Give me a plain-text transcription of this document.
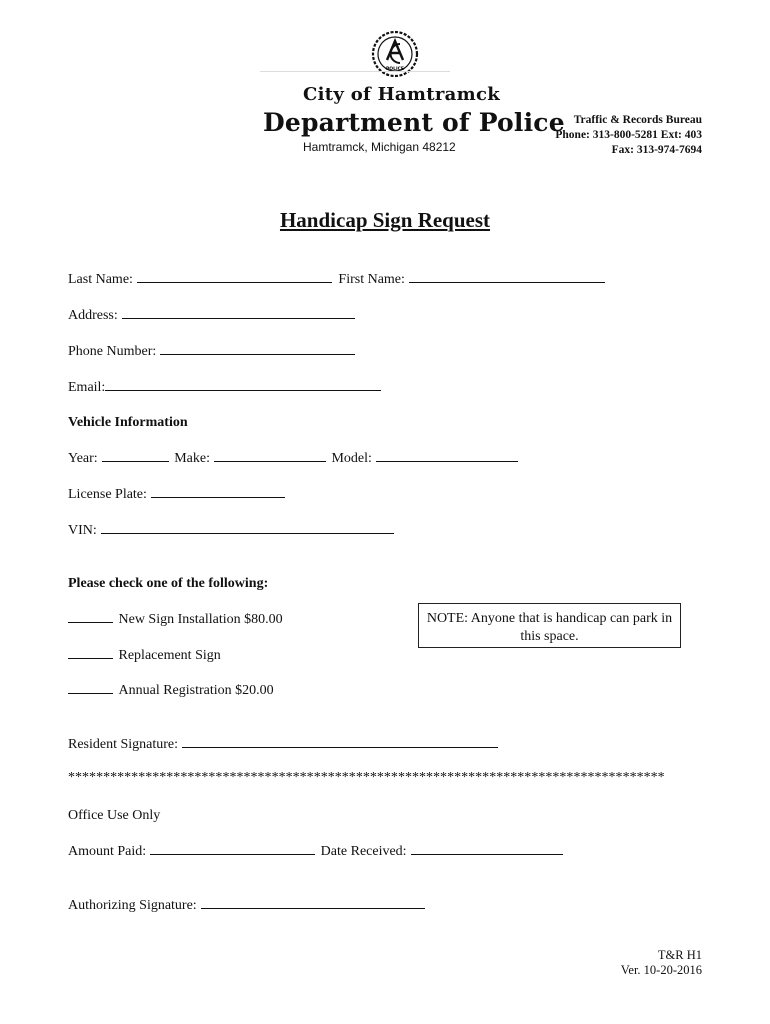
POLICE
City of Hamtramck
Department of Police
Hamtramck, Michigan 48212
Traffic & Records Bureau
Phone: 313-800-5281 Ext: 403
Fax: 313-974-7694
Handicap Sign Request
Last Name:	First Name:
Address:
Phone Number:
Email:
Vehicle Information
Year:	Make:	Model:
License Plate:
VIN:
Please check one of the following:
New Sign Installation $80.00
Replacement Sign
Annual Registration $20.00
NOTE: Anyone that is handicap can park in this space.
Resident Signature:
*************************************************************************************
Office Use Only
Amount Paid:	Date Received:
Authorizing Signature:
T&R H1
Ver. 10-20-2016
